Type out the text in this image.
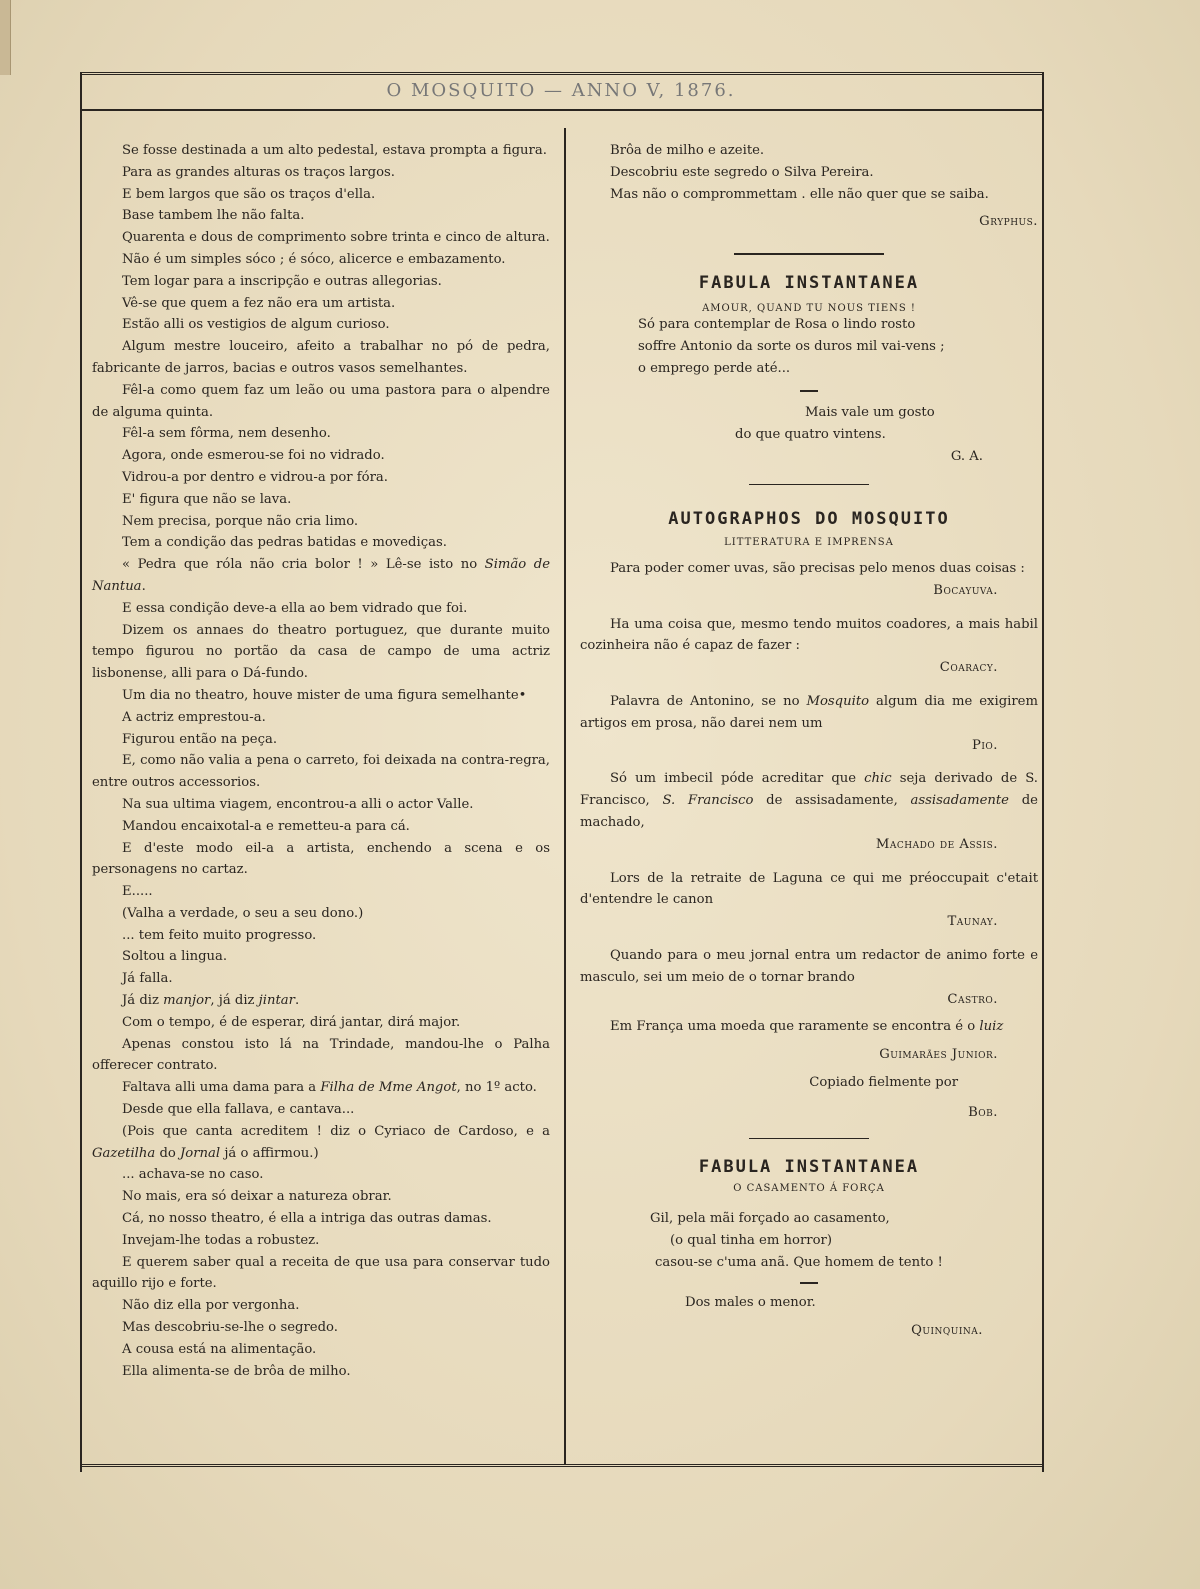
O MOSQUITO — ANNO V, 1876.

Se fosse destinada a um alto pedestal, estava prompta a figura.

Para as grandes alturas os traços largos.

E bem largos que são os traços d'ella.

Base tambem lhe não falta.

Quarenta e dous de comprimento sobre trinta e cinco de altura.

Não é um simples sóco ; é sóco, alicerce e embazamento.

Tem logar para a inscripção e outras allegorias.

Vê-se que quem a fez não era um artista.

Estão alli os vestigios de algum curioso.

Algum mestre louceiro, afeito a trabalhar no pó de pedra, fabricante de jarros, bacias e outros vasos semelhantes.

Fêl-a como quem faz um leão ou uma pastora para o alpendre de alguma quinta.

Fêl-a sem fôrma, nem desenho.

Agora, onde esmerou-se foi no vidrado.

Vidrou-a por dentro e vidrou-a por fóra.

E' figura que não se lava.

Nem precisa, porque não cria limo.

Tem a condição das pedras batidas e movediças.

« Pedra que róla não cria bolor ! » Lê-se isto no Simão de Nantua.

E essa condição deve-a ella ao bem vidrado que foi.

Dizem os annaes do theatro portuguez, que durante muito tempo figurou no portão da casa de campo de uma actriz lisbonense, alli para o Dá-fundo.

Um dia no theatro, houve mister de uma figura semelhante•

A actriz emprestou-a.

Figurou então na peça.

E, como não valia a pena o carreto, foi deixada na contra-regra, entre outros accessorios.

Na sua ultima viagem, encontrou-a alli o actor Valle.

Mandou encaixotal-a e remetteu-a para cá.

E d'este modo eil-a a artista, enchendo a scena e os personagens no cartaz.

E.....

(Valha a verdade, o seu a seu dono.)

... tem feito muito progresso.

Soltou a lingua.

Já falla.

Já diz manjor, já diz jintar.

Com o tempo, é de esperar, dirá jantar, dirá major.

Apenas constou isto lá na Trindade, mandou-lhe o Palha offerecer contrato.

Faltava alli uma dama para a Filha de Mme Angot, no 1º acto.

Desde que ella fallava, e cantava...

(Pois que canta acreditem ! diz o Cyriaco de Cardoso, e a Gazetilha do Jornal já o affirmou.)

... achava-se no caso.

No mais, era só deixar a natureza obrar.

Cá, no nosso theatro, é ella a intriga das outras damas.

Invejam-lhe todas a robustez.

E querem saber qual a receita de que usa para conservar tudo aquillo rijo e forte.

Não diz ella por vergonha.

Mas descobriu-se-lhe o segredo.

A cousa está na alimentação.

Ella alimenta-se de brôa de milho.

Brôa de milho e azeite.

Descobriu este segredo o Silva Pereira.

Mas não o comprommettam . elle não quer que se saiba.

Gryphus.

FABULA INSTANTANEA

AMOUR, QUAND TU NOUS TIENS !

Só para contemplar de Rosa o lindo rosto

soffre Antonio da sorte os duros mil vai-vens ;

o emprego perde até...

Mais vale um gosto

do que quatro vintens.

G. A.

AUTOGRAPHOS DO MOSQUITO

LITTERATURA E IMPRENSA

Para poder comer uvas, são precisas pelo menos duas coisas :

Bocayuva.

Ha uma coisa que, mesmo tendo muitos coadores, a mais habil cozinheira não é capaz de fazer :

Coaracy.

Palavra de Antonino, se no Mosquito algum dia me exigirem artigos em prosa, não darei nem um

Pio.

Só um imbecil póde acreditar que chic seja derivado de S. Francisco, S. Francisco de assisadamente, assisadamente de machado,

Machado de Assis.

Lors de la retraite de Laguna ce qui me préoccupait c'etait d'entendre le canon

Taunay.

Quando para o meu jornal entra um redactor de animo forte e masculo, sei um meio de o tornar brando

Castro.

Em França uma moeda que raramente se encontra é o luiz

Guimarães Junior.

Copiado fielmente por

Bob.

FABULA INSTANTANEA

O CASAMENTO Á FORÇA

Gil, pela mãi forçado ao casamento,

(o qual tinha em horror)

casou-se c'uma anã. Que homem de tento !

Dos males o menor.

Quinquina.
